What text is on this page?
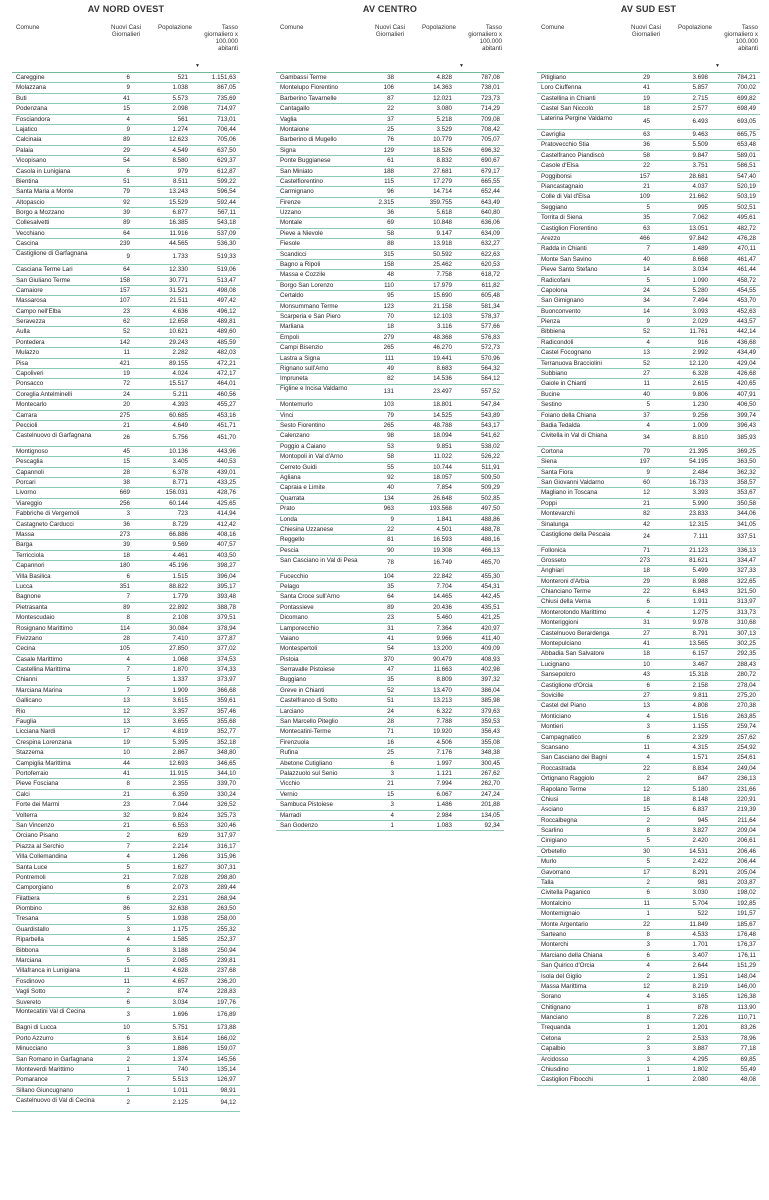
AV NORD OVEST
Comune	Nuovi Casi Giornalieri
Popolazione	Tasso giornaliero x 100.000 abitanti
▼
Careggine	6	521	1.151,63
Molazzana	9	1.038	867,05
Buti	41	5.573	735,69
Podenzana	15	2.098	714,97
Fosciandora	4	561	713,01
Lajatico	9	1.274	706,44
Calcinaia	89	12.623	705,06
Palaia	29	4.549	637,50
Vicopisano	54	8.580	629,37
Casola in Lunigiana	6	979	612,87
Bientina	51	8.511	599,22
Santa Maria a Monte	79	13.243	596,54
Altopascio	92	15.529	592,44
Borgo a Mozzano	39	6.877	567,11
Collesalvetti	89	16.385	543,18
Vecchiano	64	11.916	537,09
Cascina	239	44.565	536,30
Castiglione di Garfagnana	9	1.733	519,33
Casciana Terme Lari	64	12.330	519,06
San Giuliano Terme	158	30.771	513,47
Camaiore	157	31.521	498,08
Massarosa	107	21.511	497,42
Campo nell'Elba	23	4.636	496,12
Seravezza	62	12.658	489,81
Aulla	52	10.621	489,60
Pontedera	142	29.243	485,59
Mulazzo	11	2.282	482,03
Pisa	421	89.155	472,21
Capoliveri	19	4.024	472,17
Ponsacco	72	15.517	464,01
Coreglia Antelminelli	24	5.211	460,56
Montecarlo	20	4.393	455,27
Carrara	275	60.685	453,16
Peccioli	21	4.649	451,71
Castelnuovo di Garfagnana	26	5.756	451,70
Montignoso	45	10.136	443,96
Pescaglia	15	3.405	440,53
Capannoli	28	6.378	439,01
Porcari	38	8.771	433,25
Livorno	669	156.031	428,76
Viareggio	256	60.144	425,65
Fabbriche di Vergemoli	3	723	414,94
Castagneto Carducci	36	8.729	412,42
Massa	273	66.886	408,16
Barga	39	9.569	407,57
Terricciola	18	4.461	403,50
Capannori	180	45.196	398,27
Villa Basilica	6	1.515	396,04
Lucca	351	88.822	395,17
Bagnone	7	1.779	393,48
Pietrasanta	89	22.892	388,78
Montescudaio	8	2.108	379,51
Rosignano Marittimo	114	30.084	378,94
Fivizzano	28	7.410	377,87
Cecina	105	27.850	377,02
Casale Marittimo	4	1.068	374,53
Castellina Marittima	7	1.870	374,33
Chianni	5	1.337	373,97
Marciana Marina	7	1.909	366,68
Gallicano	13	3.615	359,61
Rio	12	3.357	357,46
Fauglia	13	3.655	355,68
Licciana Nardi	17	4.819	352,77
Crespina Lorenzana	19	5.395	352,18
Stazzema	10	2.867	348,80
Campiglia Marittima	44	12.693	346,65
Portoferraio	41	11.915	344,10
Pieve Fosciana	8	2.355	339,70
Calci	21	6.359	330,24
Forte dei Marmi	23	7.044	326,52
Volterra	32	9.824	325,73
San Vincenzo	21	6.553	320,46
Orciano Pisano	2	629	317,97
Piazza al Serchio	7	2.214	316,17
Villa Collemandina	4	1.266	315,96
Santa Luce	5	1.627	307,31
Pontremoli	21	7.028	298,80
Camporgiano	6	2.073	289,44
Filattiera	6	2.231	268,94
Piombino	86	32.638	263,50
Tresana	5	1.938	258,00
Guardistallo	3	1.175	255,32
Riparbella	4	1.585	252,37
Bibbona	8	3.188	250,94
Marciana	5	2.085	239,81
Villafranca in Lunigiana	11	4.628	237,68
Fosdinovo	11	4.657	236,20
Vagli Sotto	2	874	228,83
Suvereto	6	3.034	197,76
Montecatini Val di Cecina	3	1.696	176,89
Bagni di Lucca	10	5.751	173,88
Porto Azzurro	6	3.614	166,02
Minucciano	3	1.886	159,07
San Romano in Garfagnana	2	1.374	145,56
Monteverdi Marittimo	1	740	135,14
Pomarance	7	5.513	126,97
Sillano Giuncugnano	1	1.011	98,91
Castelnuovo di Val di Cecina	2	2.125	94,12
AV CENTRO
Comune	Nuovi Casi Giornalieri
Popolazione	Tasso giornaliero x 100.000 abitanti
▼
Gambassi Terme	38	4.828	787,08
Montelupo Fiorentino	106	14.363	738,01
Barberino Tavarnelle	87	12.021	723,73
Cantagallo	22	3.080	714,29
Vaglia	37	5.218	709,08
Montaione	25	3.529	708,42
Barberino di Mugello	76	10.779	705,07
Signa	129	18.526	696,32
Ponte Buggianese	61	8.832	690,67
San Miniato	188	27.681	679,17
Castelfiorentino	115	17.279	665,55
Carmignano	96	14.714	652,44
Firenze	2.315	359.755	643,49
Uzzano	36	5.618	640,80
Montale	69	10.848	636,06
Pieve a Nievole	58	9.147	634,09
Fiesole	88	13.918	632,27
Scandicci	315	50.592	622,63
Bagno a Ripoli	158	25.462	620,53
Massa e Cozzile	48	7.758	618,72
Borgo San Lorenzo	110	17.979	611,82
Certaldo	95	15.690	605,48
Monsummano Terme	123	21.158	581,34
Scarperia e San Piero	70	12.103	578,37
Marliana	18	3.116	577,66
Empoli	279	48.368	576,83
Campi Bisenzio	265	46.270	572,73
Lastra a Signa	111	19.441	570,96
Rignano sull'Arno	49	8.683	564,32
Impruneta	82	14.536	564,12
Figline e Incisa Valdarno	131	23.497	557,52
Montemurlo	103	18.801	547,84
Vinci	79	14.525	543,89
Sesto Fiorentino	265	48.788	543,17
Calenzano	98	18.094	541,62
Poggio a Caiano	53	9.851	538,02
Montopoli in Val d'Arno	58	11.022	526,22
Cerreto Guidi	55	10.744	511,91
Agliana	92	18.057	509,50
Capraia e Limite	40	7.854	509,29
Quarrata	134	26.648	502,85
Prato	963	193.568	497,50
Londa	9	1.841	488,86
Chiesina Uzzanese	22	4.501	488,78
Reggello	81	16.593	488,16
Pescia	90	19.308	466,13
San Casciano in Val di Pesa	78	16.749	465,70
Fucecchio	104	22.842	455,30
Pelago	35	7.704	454,31
Santa Croce sull'Arno	64	14.465	442,45
Pontassieve	89	20.436	435,51
Dicomano	23	5.460	421,25
Lamporecchio	31	7.364	420,97
Vaiano	41	9.966	411,40
Montespertoli	54	13.200	409,09
Pistoia	370	90.479	408,93
Serravalle Pistoiese	47	11.663	402,98
Buggiano	35	8.809	397,32
Greve in Chianti	52	13.470	386,04
Castelfranco di Sotto	51	13.213	385,98
Larciano	24	6.322	379,63
San Marcello Piteglio	28	7.788	359,53
Montecatini-Terme	71	19.920	356,43
Firenzuola	16	4.506	355,08
Rufina	25	7.176	348,38
Abetone Cutigliano	6	1.997	300,45
Palazzuolo sul Senio	3	1.121	267,62
Vicchio	21	7.994	262,70
Vernio	15	6.067	247,24
Sambuca Pistoiese	3	1.486	201,88
Marradi	4	2.984	134,05
San Godenzo	1	1.083	92,34
AV SUD EST
Comune	Nuovi Casi Giornalieri
Popolazione	Tasso giornaliero x 100.000 abitanti
▼
Pitigliano	29	3.698	784,21
Loro Ciuffenna	41	5.857	700,02
Castellina in Chianti	19	2.715	699,82
Castel San Niccolò	18	2.577	698,49
Laterina Pergine Valdarno	45	6.493	693,05
Cavriglia	63	9.463	665,75
Pratovecchio Stia	36	5.509	653,48
Castelfranco Piandiscò	58	9.847	589,01
Casole d'Elsa	22	3.751	586,51
Poggibonsi	157	28.681	547,40
Piancastagnaio	21	4.037	520,19
Colle di Val d'Elsa	109	21.662	503,19
Seggiano	5	995	502,51
Torrita di Siena	35	7.062	495,61
Castiglion Fiorentino	63	13.051	482,72
Arezzo	466	97.842	476,28
Radda in Chianti	7	1.489	470,11
Monte San Savino	40	8.668	461,47
Pieve Santo Stefano	14	3.034	461,44
Radicofani	5	1.090	458,72
Capolona	24	5.280	454,55
San Gimignano	34	7.494	453,70
Buonconvento	14	3.093	452,63
Pienza	9	2.029	443,57
Bibbiena	52	11.761	442,14
Radicondoli	4	916	436,68
Castel Focognano	13	2.992	434,49
Terranuova Bracciolini	52	12.120	429,04
Subbiano	27	6.328	426,68
Gaiole in Chianti	11	2.615	420,65
Bucine	40	9.806	407,91
Sestino	5	1.230	406,50
Foiano della Chiana	37	9.256	399,74
Badia Tedalda	4	1.009	396,43
Civitella in Val di Chiana	34	8.810	385,93
Cortona	79	21.395	369,25
Siena	197	54.195	363,50
Santa Fiora	9	2.484	362,32
San Giovanni Valdarno	60	16.733	358,57
Magliano in Toscana	12	3.393	353,67
Poppi	21	5.990	350,58
Montevarchi	82	23.833	344,06
Sinalunga	42	12.315	341,05
Castiglione della Pescaia	24	7.111	337,51
Follonica	71	21.123	336,13
Grosseto	273	81.621	334,47
Anghiari	18	5.499	327,33
Monteroni d'Arbia	29	8.988	322,65
Chianciano Terme	22	6.843	321,50
Chiusi della Verna	6	1.911	313,97
Monterotondo Marittimo	4	1.275	313,73
Monteriggioni	31	9.978	310,68
Castelnuovo Berardenga	27	8.791	307,13
Montepulciano	41	13.565	302,25
Abbadia San Salvatore	18	6.157	292,35
Lucignano	10	3.467	288,43
Sansepolcro	43	15.318	280,72
Castiglione d'Orcia	6	2.158	278,04
Sovicille	27	9.811	275,20
Castel del Piano	13	4.808	270,38
Monticiano	4	1.516	263,85
Montieri	3	1.155	259,74
Campagnatico	6	2.329	257,62
Scansano	11	4.315	254,92
San Casciano dei Bagni	4	1.571	254,61
Roccastrada	22	8.834	249,04
Ortignano Raggiolo	2	847	236,13
Rapolano Terme	12	5.180	231,66
Chiusi	18	8.148	220,91
Asciano	15	6.837	219,39
Roccalbegna	2	945	211,64
Scarlino	8	3.827	209,04
Cinigiano	5	2.420	206,61
Orbetello	30	14.531	206,46
Murlo	5	2.422	206,44
Gavorrano	17	8.291	205,04
Talla	2	981	203,87
Civitella Paganico	6	3.030	198,02
Montalcino	11	5.704	192,85
Montemignaio	1	522	191,57
Monte Argentario	22	11.849	185,67
Sarteano	8	4.533	176,48
Monterchi	3	1.701	176,37
Marciano della Chiana	6	3.407	176,11
San Quirico d'Orcia	4	2.644	151,29
Isola del Giglio	2	1.351	148,04
Massa Marittima	12	8.219	146,00
Sorano	4	3.165	126,38
Chitignano	1	878	113,90
Manciano	8	7.226	110,71
Trequanda	1	1.201	83,26
Cetona	2	2.533	78,96
Capalbio	3	3.887	77,18
Arcidosso	3	4.295	69,85
Chiusdino	1	1.802	55,49
Castiglion Fibocchi	1	2.080	48,08
